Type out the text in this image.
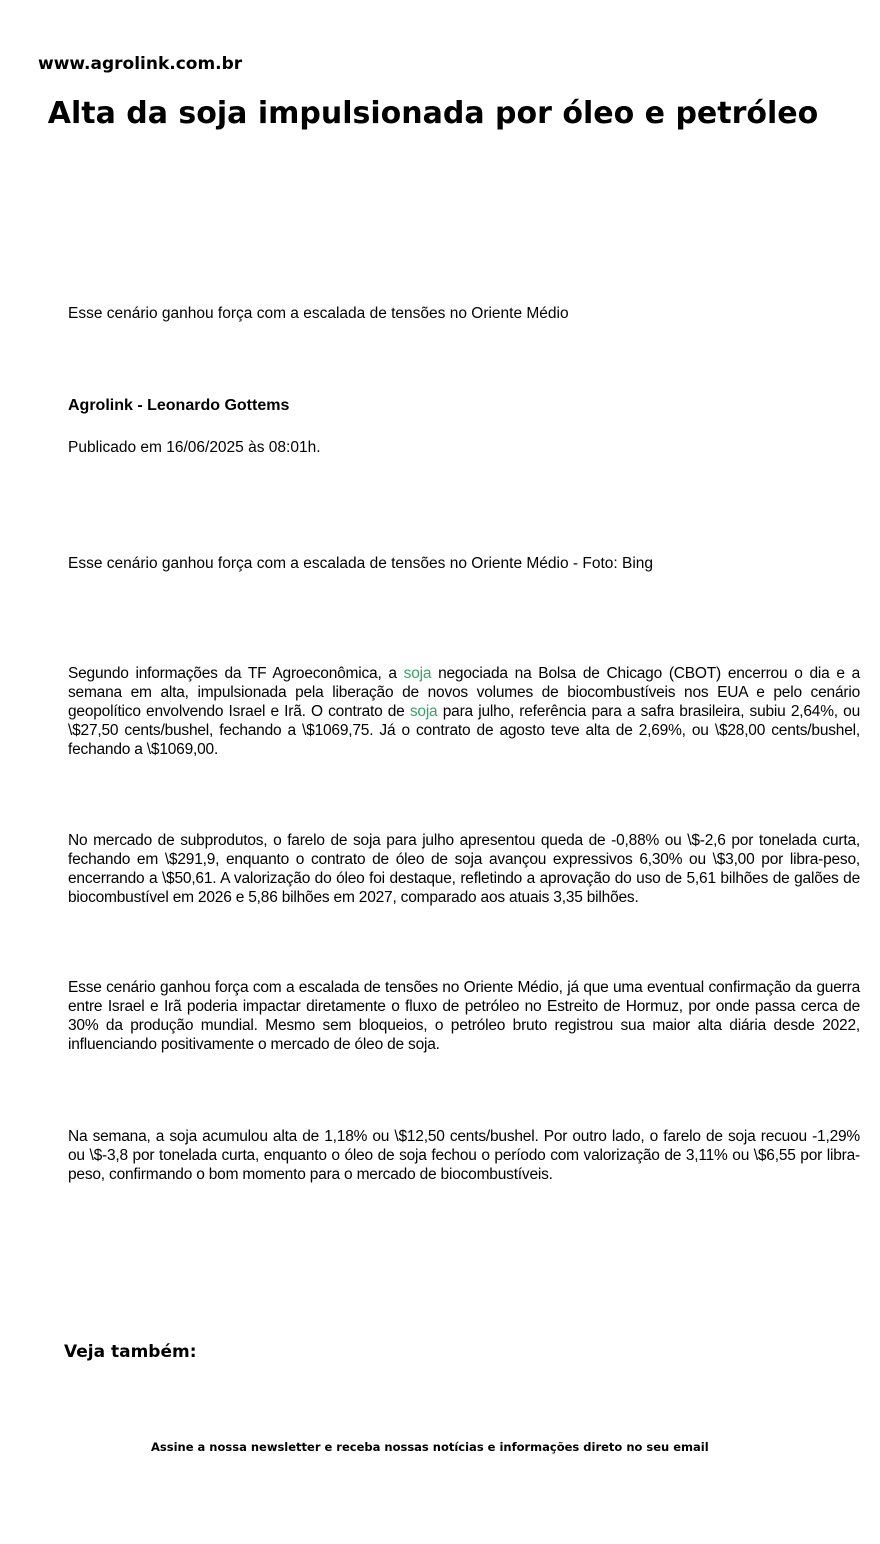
www.agrolink.com.br
Alta da soja impulsionada por óleo e petróleo

Esse cenário ganhou força com a escalada de tensões no Oriente Médio

Agrolink - Leonardo Gottems

Publicado em 16/06/2025 às 08:01h.

Esse cenário ganhou força com a escalada de tensões no Oriente Médio - Foto: Bing

Segundo informações da TF Agroeconômica, a soja negociada na Bolsa de Chicago (CBOT) encerrou o dia e a semana em alta, impulsionada pela liberação de novos volumes de biocombustíveis nos EUA e pelo cenário geopolítico envolvendo Israel e Irã. O contrato de soja para julho, referência para a safra brasileira, subiu 2,64%, ou \$27,50 cents/bushel, fechando a \$1069,75. Já o contrato de agosto teve alta de 2,69%, ou \$28,00 cents/bushel, fechando a \$1069,00.

No mercado de subprodutos, o farelo de soja para julho apresentou queda de -0,88% ou \$-2,6 por tonelada curta, fechando em \$291,9, enquanto o contrato de óleo de soja avançou expressivos 6,30% ou \$3,00 por libra-peso, encerrando a \$50,61. A valorização do óleo foi destaque, refletindo a aprovação do uso de 5,61 bilhões de galões de biocombustível em 2026 e 5,86 bilhões em 2027, comparado aos atuais 3,35 bilhões.

Esse cenário ganhou força com a escalada de tensões no Oriente Médio, já que uma eventual confirmação da guerra entre Israel e Irã poderia impactar diretamente o fluxo de petróleo no Estreito de Hormuz, por onde passa cerca de 30% da produção mundial. Mesmo sem bloqueios, o petróleo bruto registrou sua maior alta diária desde 2022, influenciando positivamente o mercado de óleo de soja.

Na semana, a soja acumulou alta de 1,18% ou \$12,50 cents/bushel. Por outro lado, o farelo de soja recuou -1,29% ou \$-3,8 por tonelada curta, enquanto o óleo de soja fechou o período com valorização de 3,11% ou \$6,55 por libra-peso, confirmando o bom momento para o mercado de biocombustíveis.

Veja também:
Assine a nossa newsletter e receba nossas notícias e informações direto no seu email
